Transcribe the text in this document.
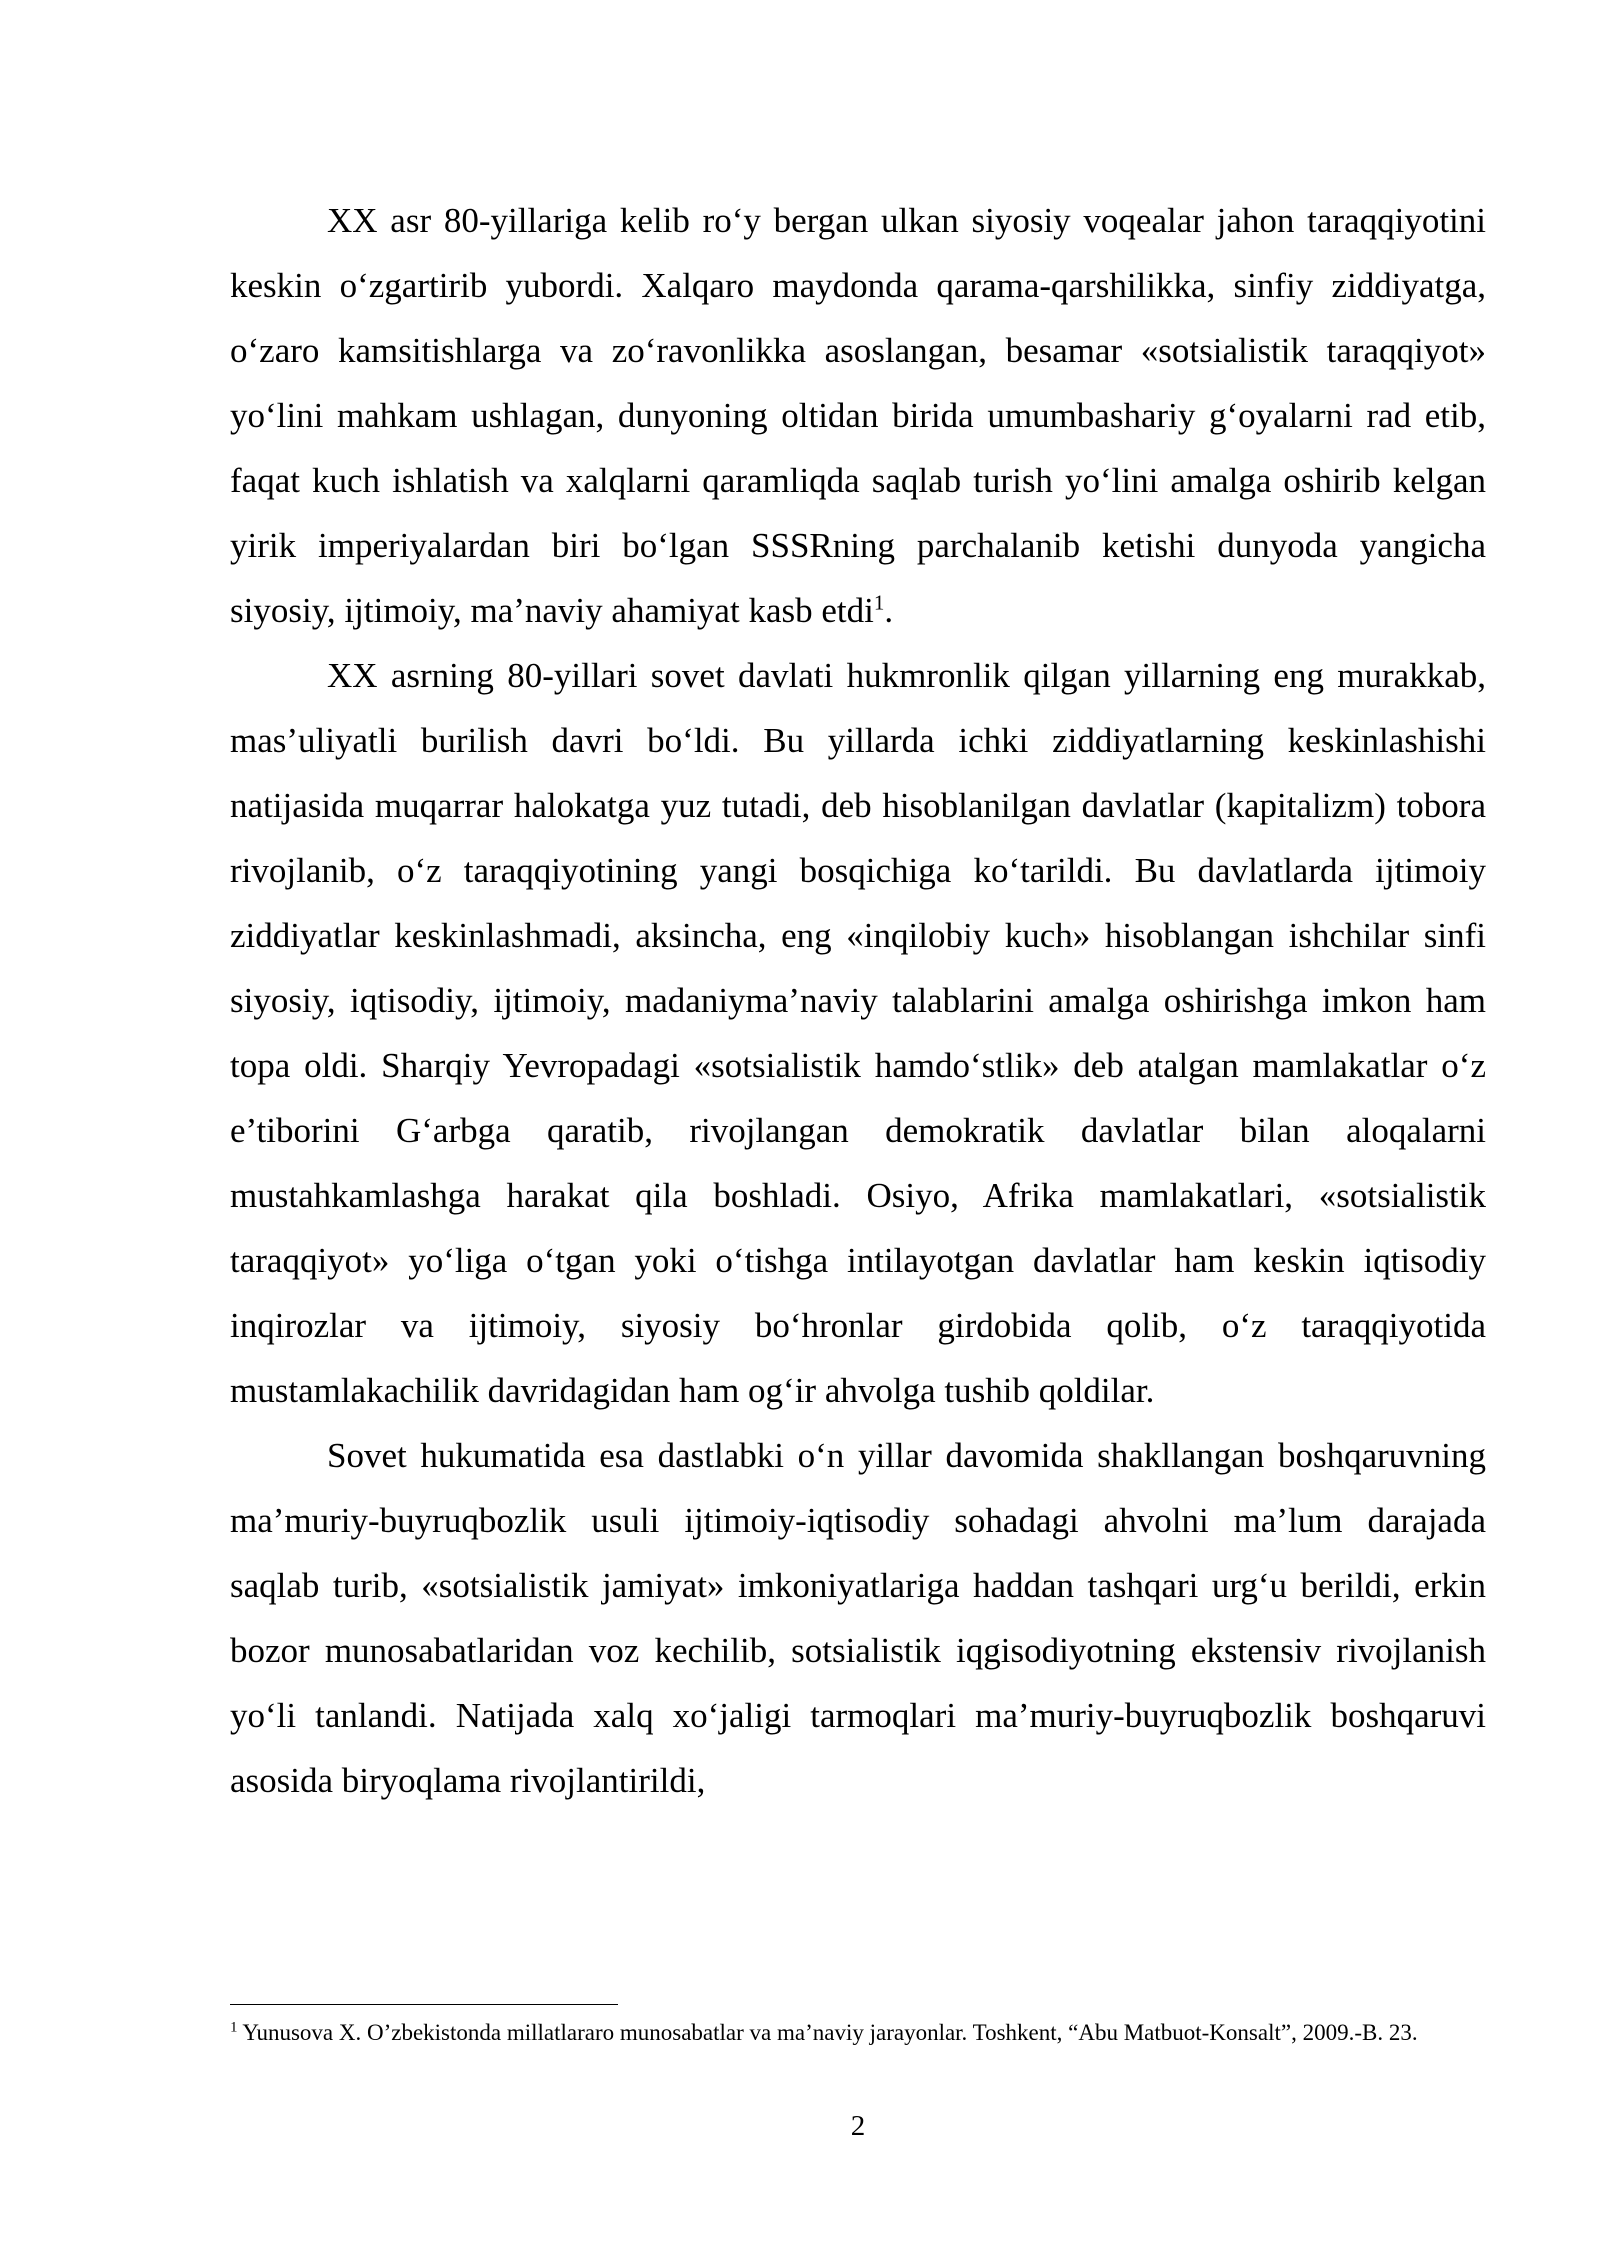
XX asr 80-yillariga kelib ro‘y bergan ulkan siyosiy voqealar jahon taraqqiyotini keskin o‘zgartirib yubordi. Xalqaro maydonda qarama-qarshilikka, sinfiy ziddiyatga, o‘zaro kamsitishlarga va zo‘ravonlikka asoslangan, besamar «sotsialistik taraqqiyot» yo‘lini mahkam ushlagan, dunyoning oltidan birida umumbashariy g‘oyalarni rad etib, faqat kuch ishlatish va xalqlarni qaramliqda saqlab turish yo‘lini amalga oshirib kelgan yirik imperiyalardan biri bo‘lgan SSSRning parchalanib ketishi dunyoda yangicha siyosiy, ijtimoiy, ma’naviy ahamiyat kasb etdi$^1$.

XX asrning 80-yillari sovet davlati hukmronlik qilgan yillarning eng murakkab, mas’uliyatli burilish davri bo‘ldi. Bu yillarda ichki ziddiyatlarning keskinlashishi natijasida muqarrar halokatga yuz tutadi, deb hisoblanilgan davlatlar (kapitalizm) tobora rivojlanib, o‘z taraqqiyotining yangi bosqichiga ko‘tarildi. Bu davlatlarda ijtimoiy ziddiyatlar keskinlashmadi, aksincha, eng «inqilobiy kuch» hisoblangan ishchilar sinfi siyosiy, iqtisodiy, ijtimoiy, madaniyma’naviy talablarini amalga oshirishga imkon ham topa oldi. Sharqiy Yevropadagi «sotsialistik hamdo‘stlik» deb atalgan mamlakatlar o‘z e’tiborini G‘arbga qaratib, rivojlangan demokratik davlatlar bilan aloqalarni mustahkamlashga harakat qila boshladi. Osiyo, Afrika mamlakatlari, «sotsialistik taraqqiyot» yo‘liga o‘tgan yoki o‘tishga intilayotgan davlatlar ham keskin iqtisodiy inqirozlar va ijtimoiy, siyosiy bo‘hronlar girdobida qolib, o‘z taraqqiyotida mustamlakachilik davridagidan ham og‘ir ahvolga tushib qoldilar.

Sovet hukumatida esa dastlabki o‘n yillar davomida shakllangan boshqaruvning ma’muriy-buyruqbozlik usuli ijtimoiy-iqtisodiy sohadagi ahvolni ma’lum darajada saqlab turib, «sotsialistik jamiyat» imkoniyatlariga haddan tashqari urg‘u berildi, erkin bozor munosabatlaridan voz kechilib, sotsialistik iqgisodiyotning ekstensiv rivojlanish yo‘li tanlandi. Natijada xalq xo‘jaligi tarmoqlari ma’muriy-buyruqbozlik boshqaruvi asosida biryoqlama rivojlantirildi,

$^1$ Yunusova X. O’zbekistonda millatlararo munosabatlar va ma’naviy jarayonlar. Toshkent, “Abu Matbuot-Konsalt”, 2009.-B. 23.
2
